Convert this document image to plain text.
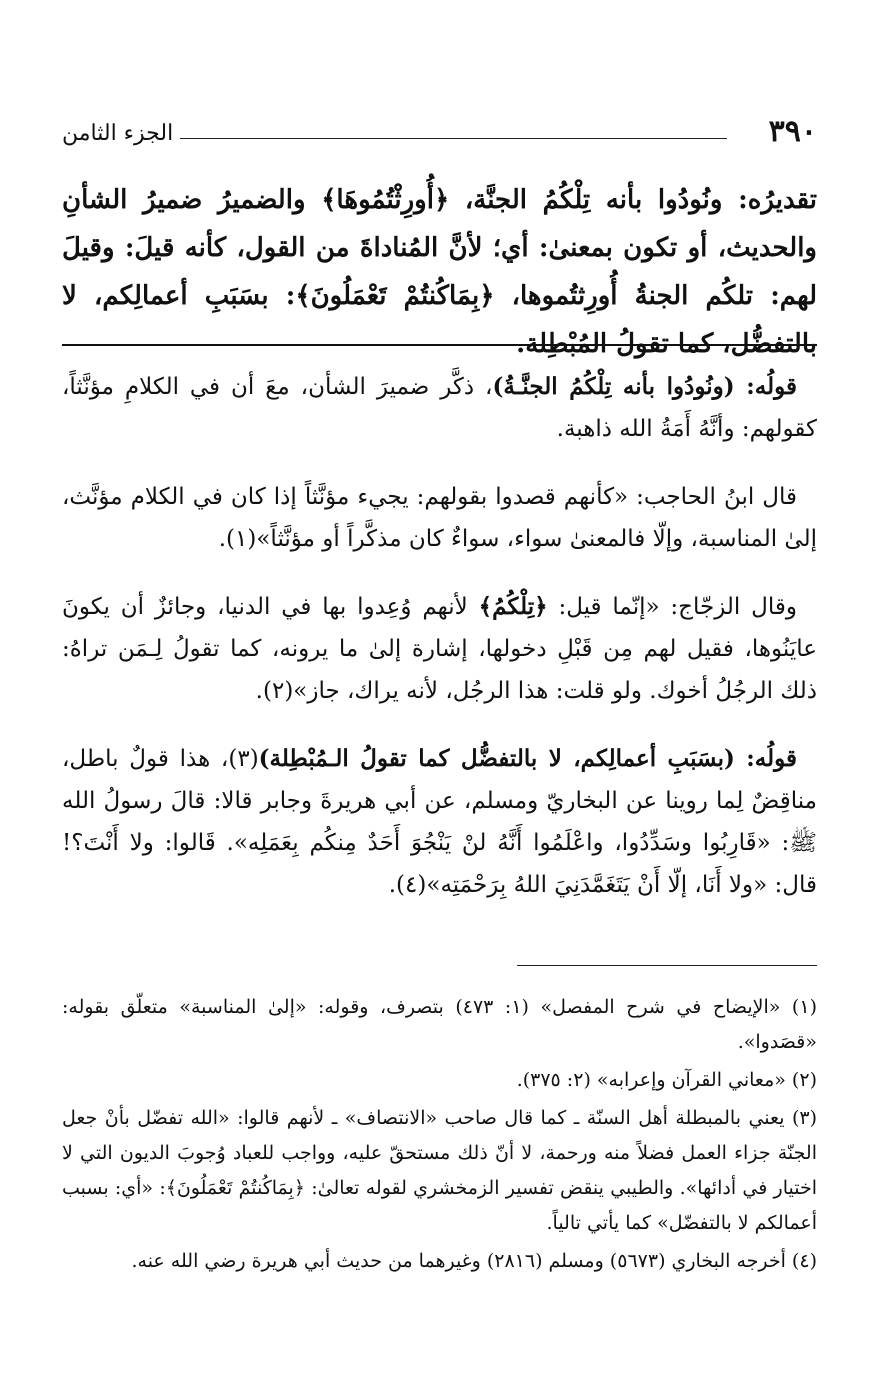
٣٩٠
الجزء الثامن

تقديرُه: ونُودُوا بأنه تِلْكُمُ الجنَّة، ﴿أُورِثْتُمُوهَا﴾ والضميرُ ضميرُ الشأنِ والحديث، أو تكون بمعنىٰ: أي؛ لأنَّ المُناداةَ من القول، كأنه قيلَ: وقيلَ لهم: تلكُم الجنةُ أُورِثتُموها، ﴿بِمَاكُنتُمْ تَعْمَلُونَ﴾: بسَبَبِ أعمالِكم، لا بالتفضُّل، كما تقولُ المُبْطِلة.

قولُه: (ونُودُوا بأنه تِلْكُمُ الجنَّـةُ)، ذكَّر ضميرَ الشأن، معَ أن في الكلامِ مؤنَّثاً، كقولهم: وأنَّهُ أَمَةُ الله ذاهبة.

قال ابنُ الحاجب: «كأنهم قصدوا بقولهم: يجيء مؤنَّثاً إذا كان في الكلام مؤنَّث، إلىٰ المناسبة، وإلّا فالمعنىٰ سواء، سواءٌ كان مذكَّراً أو مؤنَّثاً»(١).

وقال الزجّاج: «إنّما قيل: ﴿تِلْكُمُ﴾ لأنهم وُعِدوا بها في الدنيا، وجائزٌ أن يكونَ عايَنُوها، فقيل لهم مِن قَبْلِ دخولها، إشارة إلىٰ ما يرونه، كما تقولُ لِـمَن تراهُ: ذلك الرجُلُ أخوك. ولو قلت: هذا الرجُل، لأنه يراك، جاز»(٢).

قولُه: (بسَبَبِ أعمالِكم، لا بالتفضُّل كما تقولُ الـمُبْطِلة)(٣)، هذا قولٌ باطل، مناقِضٌ لِما روينا عن البخاريّ ومسلم، عن أبي هريرةَ وجابر قالا: قالَ رسولُ الله ﷺ: «قَارِبُوا وسَدِّدُوا، واعْلَمُوا أَنَّهُ لنْ يَنْجُوَ أَحَدٌ مِنكُم بِعَمَلِه». قَالوا: ولا أَنْتَ؟! قال: «ولا أَنَا، إلّا أَنْ يَتَغَمَّدَنِيَ اللهُ بِرَحْمَتِه»(٤).

(١) «الإيضاح في شرح المفصل» (١: ٤٧٣) بتصرف، وقوله: «إلىٰ المناسبة» متعلّق بقوله: «قصَدوا».
(٢) «معاني القرآن وإعرابه» (٢: ٣٧٥).
(٣) يعني بالمبطلة أهل السنّة ـ كما قال صاحب «الانتصاف» ـ لأنهم قالوا: «الله تفضّل بأنْ جعل الجنّة جزاء العمل فضلاً منه ورحمة، لا أنّ ذلك مستحقّ عليه، وواجب للعباد وُجوبَ الديون التي لا اختيار في أدائها». والطيبي ينقض تفسير الزمخشري لقوله تعالىٰ: ﴿بِمَاكُنتُمْ تَعْمَلُونَ﴾: «أي: بسبب أعمالكم لا بالتفضّل» كما يأتي تالياً.
(٤) أخرجه البخاري (٥٦٧٣) ومسلم (٢٨١٦) وغيرهما من حديث أبي هريرة رضي الله عنه.
